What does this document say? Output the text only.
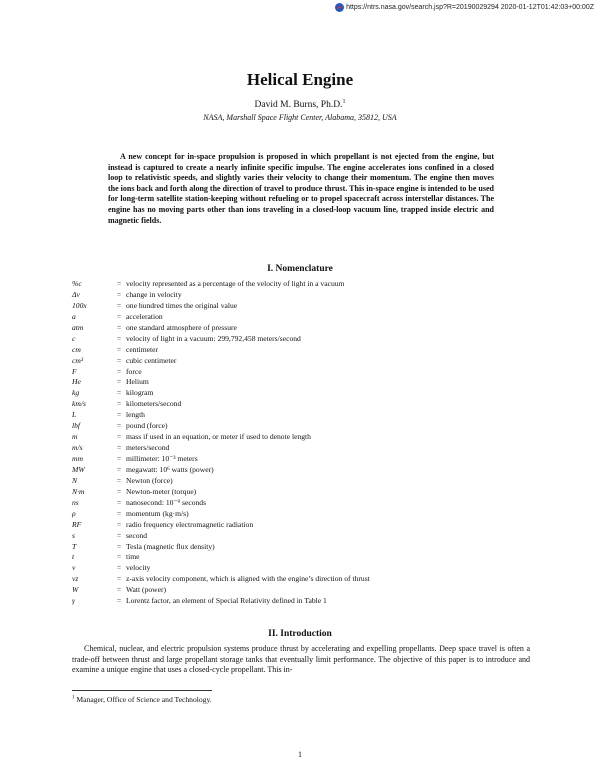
https://ntrs.nasa.gov/search.jsp?R=20190029294 2020-01-12T01:42:03+00:00Z
Helical Engine
David M. Burns, Ph.D.$^1$
NASA, Marshall Space Flight Center, Alabama, 35812, USA

A new concept for in-space propulsion is proposed in which propellant is not ejected from the engine, but instead is captured to create a nearly infinite specific impulse. The engine accelerates ions confined in a closed loop to relativistic speeds, and slightly varies their velocity to change their momentum. The engine then moves the ions back and forth along the direction of travel to produce thrust. This in-space engine is intended to be used for long-term satellite station-keeping without refueling or to propel spacecraft across interstellar distances. The engine has no moving parts other than ions traveling in a closed-loop vacuum line, trapped inside electric and magnetic fields.

I. Nomenclature
%c	= velocity represented as a percentage of the velocity of light in a vacuum
Δv	= change in velocity
100x	= one hundred times the original value
a	= acceleration
atm	= one standard atmosphere of pressure
c	= velocity of light in a vacuum: 299,792,458 meters/second
cm	= centimeter
cm³	= cubic centimeter
F	= force
He	= Helium
kg	= kilogram
km/s	= kilometers/second
L	= length
lbf	= pound (force)
m	= mass if used in an equation, or meter if used to denote length
m/s	= meters/second
mm	= millimeter: 10⁻³ meters
MW	= megawatt: 10⁶ watts (power)
N	= Newton (force)
N·m	= Newton-meter (torque)
ns	= nanosecond: 10⁻⁹ seconds
ρ	= momentum (kg·m/s)
RF	= radio frequency electromagnetic radiation
s	= second
T	= Tesla (magnetic flux density)
t	= time
v	= velocity
vz	= z-axis velocity component, which is aligned with the engine’s direction of thrust
W	= Watt (power)
γ	= Lorentz factor, an element of Special Relativity defined in Table 1
II. Introduction

Chemical, nuclear, and electric propulsion systems produce thrust by accelerating and expelling propellants. Deep space travel is often a trade-off between thrust and large propellant storage tanks that eventually limit performance. The objective of this paper is to introduce and examine a unique engine that uses a closed-cycle propellant. This in-

$^1$ Manager, Office of Science and Technology.
1
